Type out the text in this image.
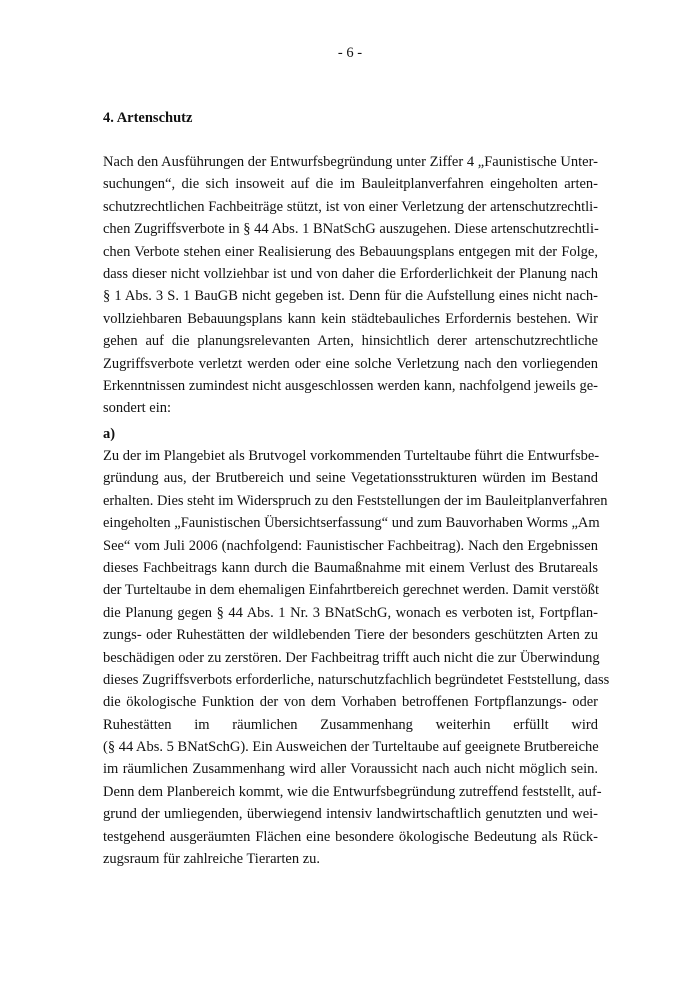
- 6 -
4. Artenschutz
Nach den Ausführungen der Entwurfsbegründung unter Ziffer 4 „Faunistische Unter-
suchungen“, die sich insoweit auf die im Bauleitplanverfahren eingeholten arten-
schutzrechtlichen Fachbeiträge stützt, ist von einer Verletzung der artenschutzrechtli-
chen Zugriffsverbote in § 44 Abs. 1 BNatSchG auszugehen. Diese artenschutzrechtli-
chen Verbote stehen einer Realisierung des Bebauungsplans entgegen mit der Folge,
dass dieser nicht vollziehbar ist und von daher die Erforderlichkeit der Planung nach
§ 1 Abs. 3 S. 1 BauGB nicht gegeben ist. Denn für die Aufstellung eines nicht nach-
vollziehbaren Bebauungsplans kann kein städtebauliches Erfordernis bestehen. Wir
gehen auf die planungsrelevanten Arten, hinsichtlich derer artenschutzrechtliche
Zugriffsverbote verletzt werden oder eine solche Verletzung nach den vorliegenden
Erkenntnissen zumindest nicht ausgeschlossen werden kann, nachfolgend jeweils ge-
sondert ein:
a)
Zu der im Plangebiet als Brutvogel vorkommenden Turteltaube führt die Entwurfsbe-
gründung aus, der Brutbereich und seine Vegetationsstrukturen würden im Bestand
erhalten. Dies steht im Widerspruch zu den Feststellungen der im Bauleitplanverfahren
eingeholten „Faunistischen Übersichtserfassung“ und zum Bauvorhaben Worms „Am
See“ vom Juli 2006 (nachfolgend: Faunistischer Fachbeitrag). Nach den Ergebnissen
dieses Fachbeitrags kann durch die Baumaßnahme mit einem Verlust des Brutareals
der Turteltaube in dem ehemaligen Einfahrtbereich gerechnet werden. Damit verstößt
die Planung gegen § 44 Abs. 1 Nr. 3 BNatSchG, wonach es verboten ist, Fortpflan-
zungs- oder Ruhestätten der wildlebenden Tiere der besonders geschützten Arten zu
beschädigen oder zu zerstören. Der Fachbeitrag trifft auch nicht die zur Überwindung
dieses Zugriffsverbots erforderliche, naturschutzfachlich begründetet Feststellung, dass
die ökologische Funktion der von dem Vorhaben betroffenen Fortpflanzungs- oder
Ruhestätten im räumlichen Zusammenhang weiterhin erfüllt wird
(§ 44 Abs. 5 BNatSchG). Ein Ausweichen der Turteltaube auf geeignete Brutbereiche
im räumlichen Zusammenhang wird aller Voraussicht nach auch nicht möglich sein.
Denn dem Planbereich kommt, wie die Entwurfsbegründung zutreffend feststellt, auf-
grund der umliegenden, überwiegend intensiv landwirtschaftlich genutzten und wei-
testgehend ausgeräumten Flächen eine besondere ökologische Bedeutung als Rück-
zugsraum für zahlreiche Tierarten zu.
